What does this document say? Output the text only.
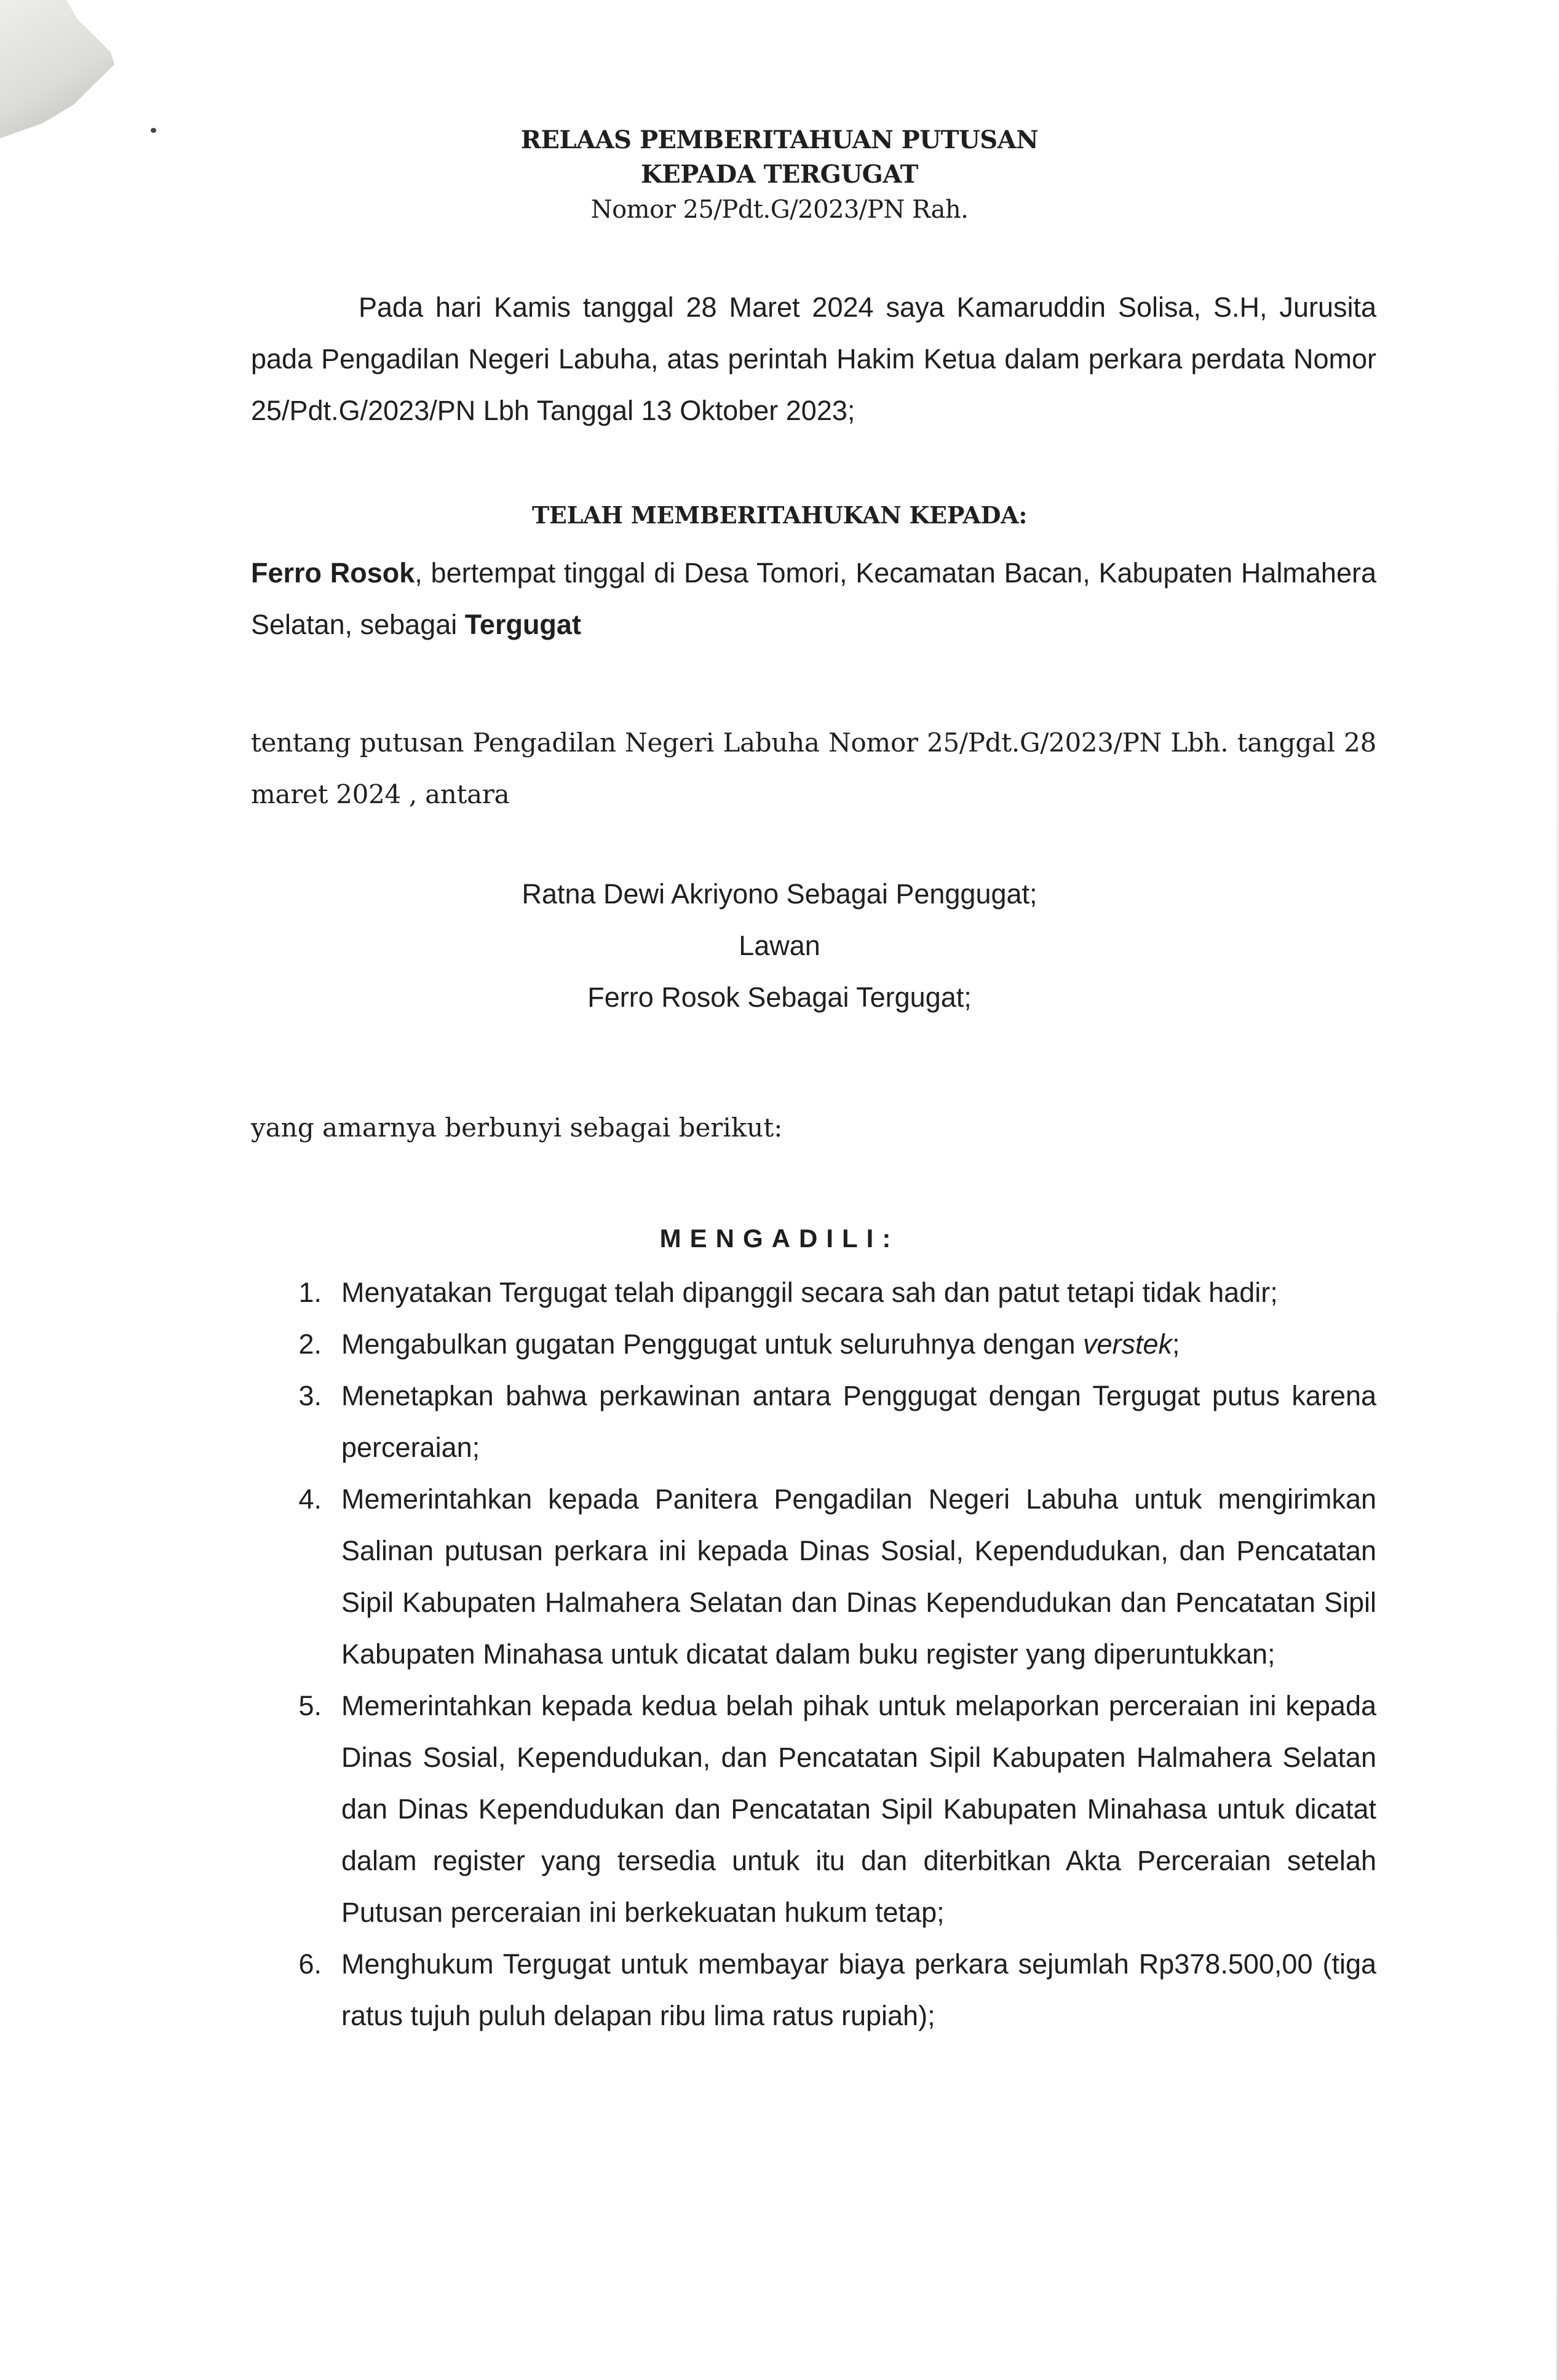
RELAAS PEMBERITAHUAN PUTUSAN
KEPADA TERGUGAT
Nomor 25/Pdt.G/2023/PN Rah.
Pada hari Kamis tanggal 28 Maret 2024 saya Kamaruddin Solisa, S.H, Jurusita pada Pengadilan Negeri Labuha, atas perintah Hakim Ketua dalam perkara perdata Nomor 25/Pdt.G/2023/PN Lbh Tanggal 13 Oktober 2023;
TELAH MEMBERITAHUKAN KEPADA:
Ferro Rosok, bertempat tinggal di Desa Tomori, Kecamatan Bacan, Kabupaten Halmahera Selatan, sebagai Tergugat
tentang putusan Pengadilan Negeri Labuha Nomor 25/Pdt.G/2023/PN Lbh. tanggal 28 maret 2024 , antara
Ratna Dewi Akriyono Sebagai Penggugat;
Lawan
Ferro Rosok Sebagai Tergugat;
yang amarnya berbunyi sebagai berikut:
MENGADILI:
1. Menyatakan Tergugat telah dipanggil secara sah dan patut tetapi tidak hadir;
2. Mengabulkan gugatan Penggugat untuk seluruhnya dengan verstek;
3. Menetapkan bahwa perkawinan antara Penggugat dengan Tergugat putus karena perceraian;
4. Memerintahkan kepada Panitera Pengadilan Negeri Labuha untuk mengirimkan Salinan putusan perkara ini kepada Dinas Sosial, Kependudukan, dan Pencatatan Sipil Kabupaten Halmahera Selatan dan Dinas Kependudukan dan Pencatatan Sipil Kabupaten Minahasa untuk dicatat dalam buku register yang diperuntukkan;
5. Memerintahkan kepada kedua belah pihak untuk melaporkan perceraian ini kepada Dinas Sosial, Kependudukan, dan Pencatatan Sipil Kabupaten Halmahera Selatan dan Dinas Kependudukan dan Pencatatan Sipil Kabupaten Minahasa untuk dicatat dalam register yang tersedia untuk itu dan diterbitkan Akta Perceraian setelah Putusan perceraian ini berkekuatan hukum tetap;
6. Menghukum Tergugat untuk membayar biaya perkara sejumlah Rp378.500,00 (tiga ratus tujuh puluh delapan ribu lima ratus rupiah);
